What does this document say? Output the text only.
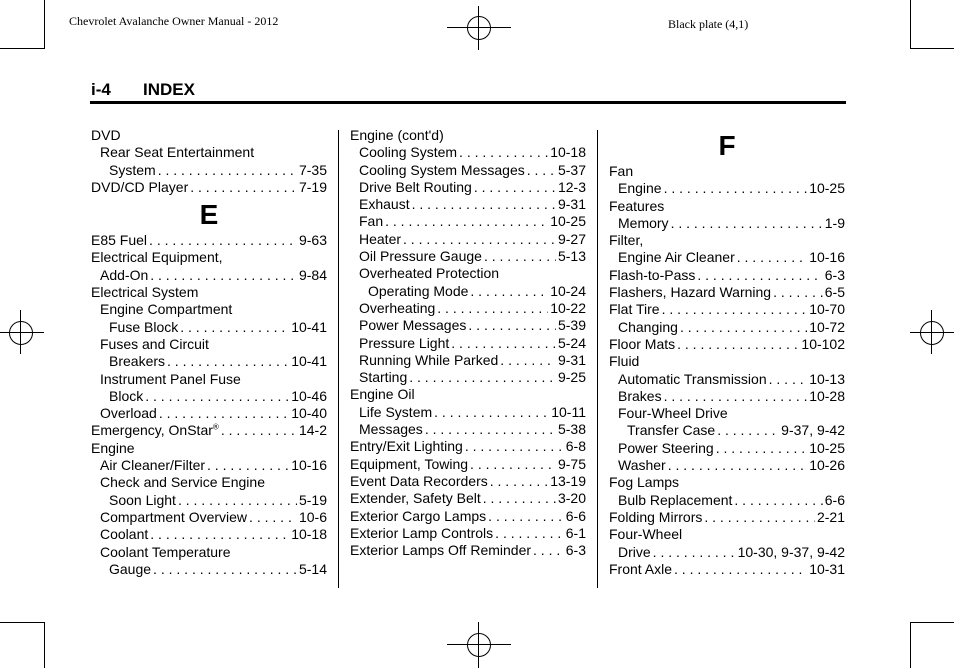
Chevrolet Avalanche Owner Manual - 2012	Black plate (4,1)
i-4 INDEX
DVD
Rear Seat Entertainment
System . . .	7-35
DVD/CD Player . . .	7-19
E
E85 Fuel . . .	9-63
Electrical Equipment,
Add-On . . .	9-84
Electrical System
Engine Compartment
Fuse Block . . .	10-41
Fuses and Circuit
Breakers . . .	10-41
Instrument Panel Fuse
Block . . .	10-46
Overload . . .	10-40
Emergency, OnStar® . . .	14-2
Engine
Air Cleaner/Filter . . .	10-16
Check and Service Engine
Soon Light . . .	5-19
Compartment Overview . . .	10-6
Coolant . . .	10-18
Coolant Temperature
Gauge . . .	5-14
Engine (cont'd)
Cooling System . . .	10-18
Cooling System Messages . . . 5-37
Drive Belt Routing . . .	12-3
Exhaust . . .	9-31
Fan . . .	10-25
Heater . . .	9-27
Oil Pressure Gauge . . .	5-13
Overheated Protection
Operating Mode . . .	10-24
Overheating . . .	10-22
Power Messages . . .	5-39
Pressure Light . . .	5-24
Running While Parked . . .	9-31
Starting . . .	9-25
Engine Oil
Life System . . .	10-11
Messages . . .	5-38
Entry/Exit Lighting . . .	6-8
Equipment, Towing . . .	9-75
Event Data Recorders . . .	13-19
Extender, Safety Belt . . .	3-20
Exterior Cargo Lamps . . .	6-6
Exterior Lamp Controls . . .	6-1
Exterior Lamps Off Reminder . . . 6-3
F
Fan
Engine . . .	10-25
Features
Memory . . .	1-9
Filter,
Engine Air Cleaner . . .	10-16
Flash-to-Pass . . .	6-3
Flashers, Hazard Warning . . .	6-5
Flat Tire . . .	10-70
Changing . . .	10-72
Floor Mats . . .	10-102
Fluid
Automatic Transmission . . .	10-13
Brakes . . .	10-28
Four-Wheel Drive
Transfer Case . . .	9-37, 9-42
Power Steering . . .	10-25
Washer . . .	10-26
Fog Lamps
Bulb Replacement . . .	6-6
Folding Mirrors . . .	2-21
Four-Wheel
Drive . . .	10-30, 9-37, 9-42
Front Axle . . .	10-31
